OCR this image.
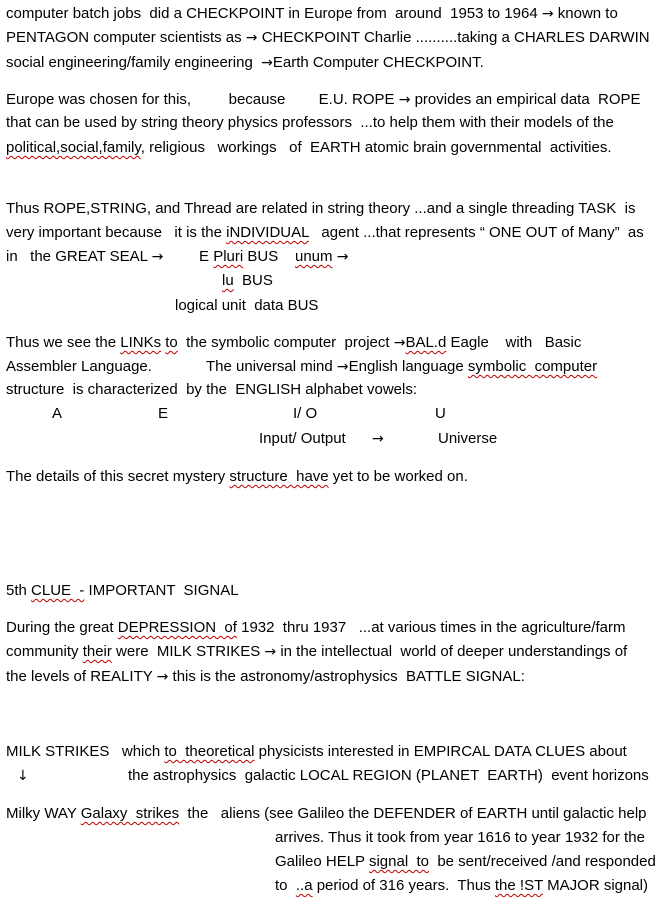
computer batch jobs  did a CHECKPOINT in Europe from  around  1953 to 1964 → known to
PENTAGON computer scientists as → CHECKPOINT Charlie ..........taking a CHARLES DARWIN
social engineering/family engineering  →Earth Computer CHECKPOINT.
Europe was chosen for this,         because        E.U. ROPE → provides an empirical data  ROPE
that can be used by string theory physics professors  ...to help them with their models of the
political,social,family, religious   workings   of  EARTH atomic brain governmental  activities.
Thus ROPE,STRING, and Thread are related in string theory ...and a single threading TASK  is
very important because   it is the iNDIVIDUAL   agent ...that represents “ ONE OUT of Many”  as
in   the GREAT SEAL → E Pluri BUS unum →
lu  BUS
logical unit  data BUS
Thus we see the LINKs to  the symbolic computer  project →BAL.d Eagle    with   Basic
Assembler Language.	The universal mind →English language symbolic  computer
structure  is characterized  by the  ENGLISH alphabet vowels:
A	E	I/ O	U
Input/ Output →	Universe
The details of this secret mystery structure  have yet to be worked on.
5th CLUE  - IMPORTANT  SIGNAL
During the great DEPRESSION  of 1932  thru 1937   ...at various times in the agriculture/farm
community their were  MILK STRIKES → in the intellectual  world of deeper understandings of
the levels of REALITY → this is the astronomy/astrophysics  BATTLE SIGNAL:
MILK STRIKES   which to  theoretical physicists interested in EMPIRCAL DATA CLUES about
↓	the astrophysics  galactic LOCAL REGION (PLANET  EARTH)  event horizons
Milky WAY Galaxy  strikes  the   aliens (see Galileo the DEFENDER of EARTH until galactic help
arrives. Thus it took from year 1616 to year 1932 for the
Galileo HELP signal  to  be sent/received /and responded
to  ..a period of 316 years.  Thus the !ST MAJOR signal)
